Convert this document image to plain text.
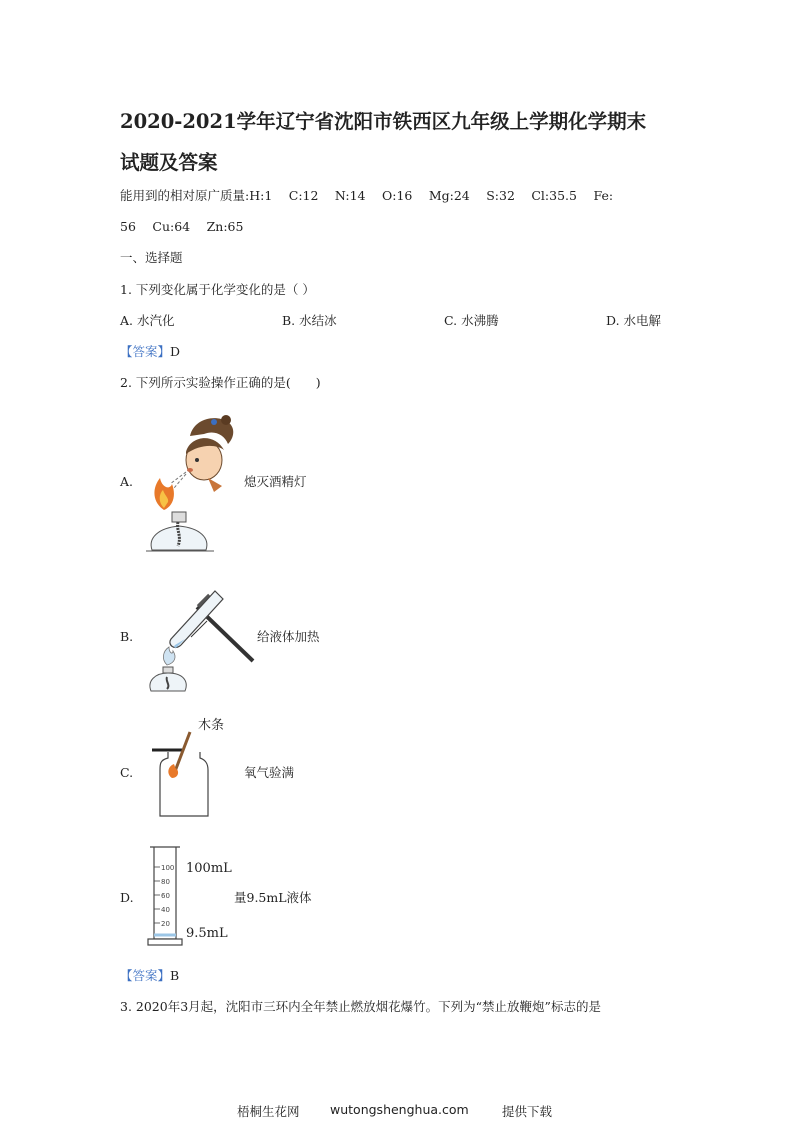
2020-2021学年辽宁省沈阳市铁西区九年级上学期化学期末
试题及答案
能用到的相对原广质量:H:1　 C:12　 N:14　 O:16　 Mg:24　 S:32　 Cl:35.5　 Fe:
56　 Cu:64　 Zn:65
一、选择题
1. 下列变化属于化学变化的是（ ）
A. 水汽化	B. 水结冰	C. 水沸腾	D. 水电解
【答案】D
2. 下列所示实验操作正确的是(　　)
A.	熄灭酒精灯
B.	给液体加热
C.
木条
氧气验满
D.
100
80
60
40
20
100mL
9.5mL
量9.5mL液体
【答案】B
3. 2020年3月起，沈阳市三环内全年禁止燃放烟花爆竹。下列为“禁止放鞭炮”标志的是
梧桐生花网 wutongshenghua.com	提供下载
